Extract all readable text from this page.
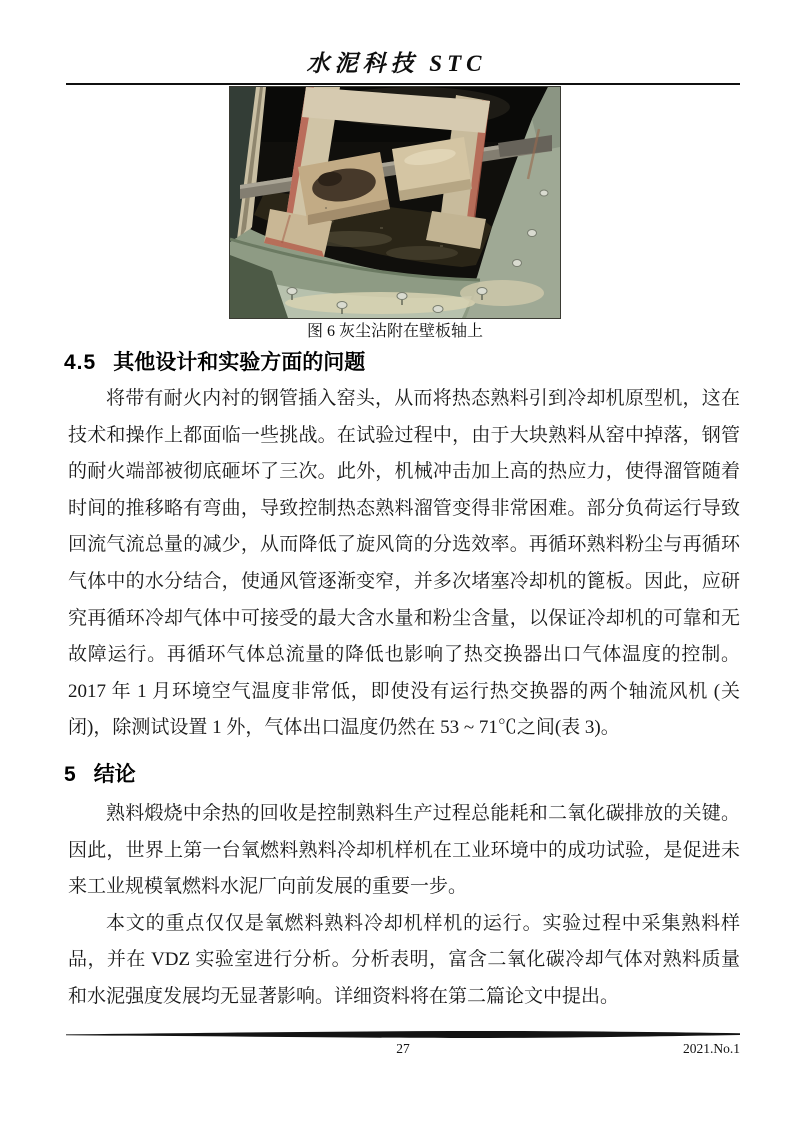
水泥科技 STC
图 6 灰尘沾附在壁板轴上
4.5 其他设计和实验方面的问题

将带有耐火内衬的钢管插入窑头，从而将热态熟料引到冷却机原型机，这在技术和操作上都面临一些挑战。在试验过程中，由于大块熟料从窑中掉落，钢管的耐火端部被彻底砸坏了三次。此外，机械冲击加上高的热应力，使得溜管随着时间的推移略有弯曲，导致控制热态熟料溜管变得非常困难。部分负荷运行导致回流气流总量的减少，从而降低了旋风筒的分选效率。再循环熟料粉尘与再循环气体中的水分结合，使通风管逐渐变窄，并多次堵塞冷却机的篦板。因此，应研究再循环冷却气体中可接受的最大含水量和粉尘含量，以保证冷却机的可靠和无故障运行。再循环气体总流量的降低也影响了热交换器出口气体温度的控制。2017 年 1 月环境空气温度非常低，即使没有运行热交换器的两个轴流风机 (关闭)，除测试设置 1 外，气体出口温度仍然在 53 ~ 71℃之间(表 3)。

5 结论

熟料煅烧中余热的回收是控制熟料生产过程总能耗和二氧化碳排放的关键。因此，世界上第一台氧燃料熟料冷却机样机在工业环境中的成功试验，是促进未来工业规模氧燃料水泥厂向前发展的重要一步。

本文的重点仅仅是氧燃料熟料冷却机样机的运行。实验过程中采集熟料样品，并在 VDZ 实验室进行分析。分析表明，富含二氧化碳冷却气体对熟料质量和水泥强度发展均无显著影响。详细资料将在第二篇论文中提出。

27	2021.No.1
